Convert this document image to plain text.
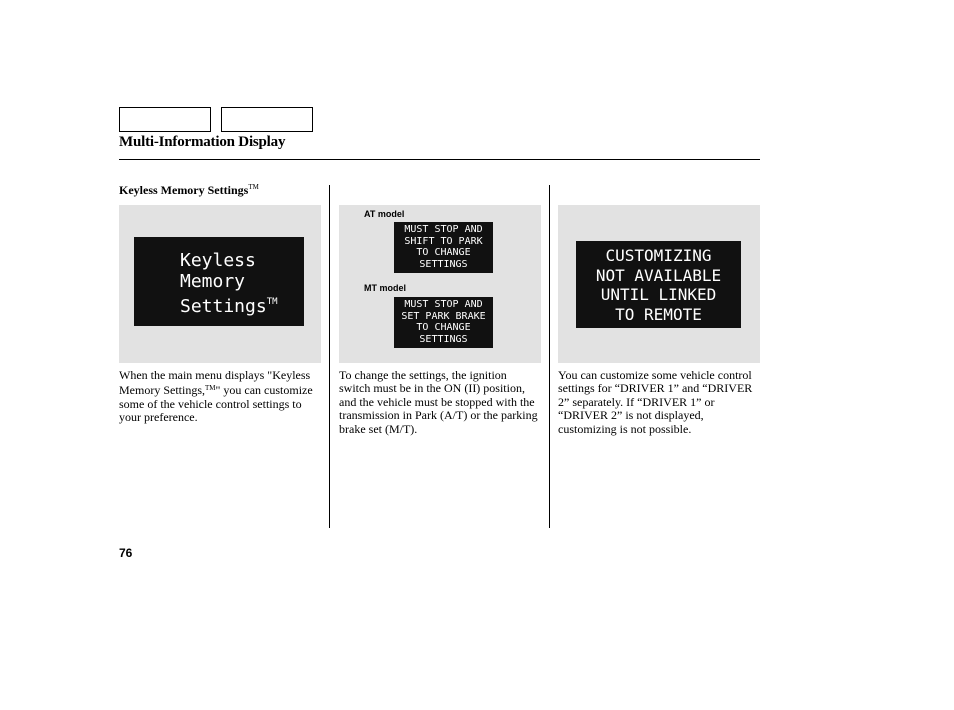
Multi-Information Display
Keyless Memory Settings™
Keyless
Memory
Settings™
AT model
MUST STOP AND
SHIFT TO PARK
TO CHANGE
SETTINGS
MT model
MUST STOP AND
SET PARK BRAKE
TO CHANGE
SETTINGS
CUSTOMIZING
NOT AVAILABLE
UNTIL LINKED
TO REMOTE
When the main menu displays "Keyless Memory Settings,™" you can customize some of the vehicle control settings to your preference.
To change the settings, the ignition switch must be in the ON (II) position, and the vehicle must be stopped with the transmission in Park (A/T) or the parking brake set (M/T).
You can customize some vehicle control settings for “DRIVER 1” and “DRIVER 2” separately. If “DRIVER 1” or “DRIVER 2” is not displayed, customizing is not possible.
76
